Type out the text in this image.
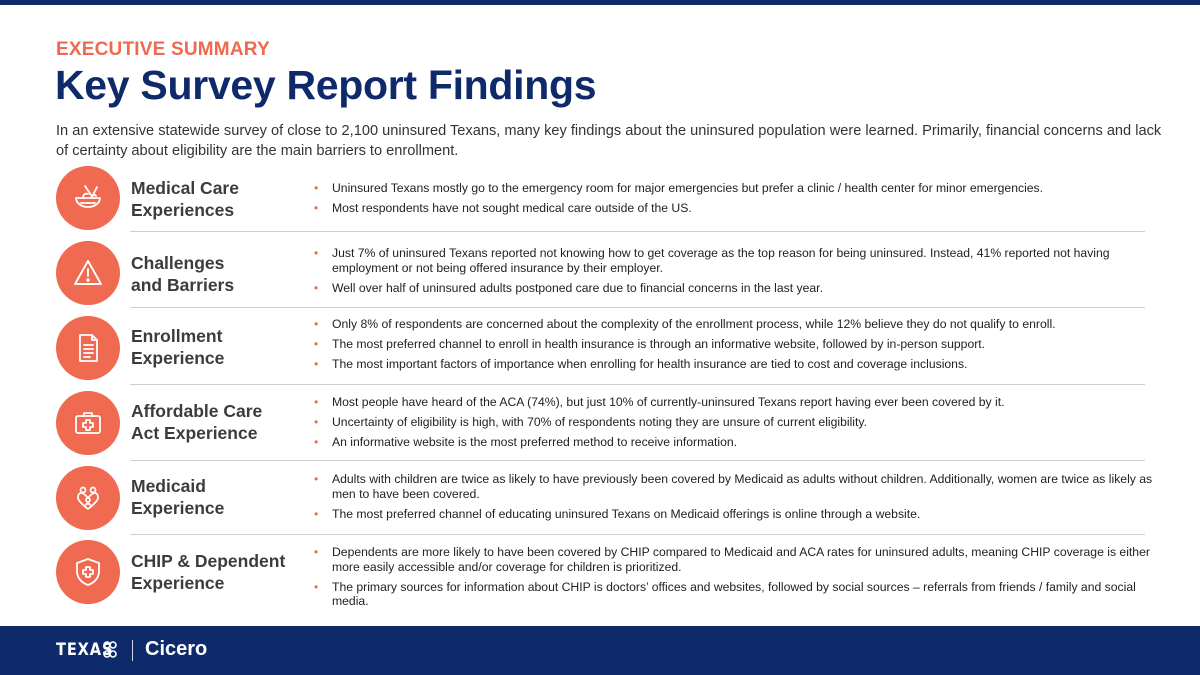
EXECUTIVE SUMMARY
Key Survey Report Findings

In an extensive statewide survey of close to 2,100 uninsured Texans, many key findings about the uninsured population were learned. Primarily, financial concerns and lack of certainty about eligibility are the main barriers to enrollment.

Medical Care
Experiences
• Uninsured Texans mostly go to the emergency room for major emergencies but prefer a clinic / health center for minor emergencies.
• Most respondents have not sought medical care outside of the US.
Challenges
and Barriers
• Just 7% of uninsured Texans reported not knowing how to get coverage as the top reason for being uninsured. Instead, 41% reported not having employment or not being offered insurance by their employer.
• Well over half of uninsured adults postponed care due to financial concerns in the last year.
Enrollment
Experience
• Only 8% of respondents are concerned about the complexity of the enrollment process, while 12% believe they do not qualify to enroll.
• The most preferred channel to enroll in health insurance is through an informative website, followed by in-person support.
• The most important factors of importance when enrolling for health insurance are tied to cost and coverage inclusions.
Affordable Care
Act Experience
• Most people have heard of the ACA (74%), but just 10% of currently-uninsured Texans report having ever been covered by it.
• Uncertainty of eligibility is high, with 70% of respondents noting they are unsure of current eligibility.
• An informative website is the most preferred method to receive information.
Medicaid
Experience
• Adults with children are twice as likely to have previously been covered by Medicaid as adults without children. Additionally, women are twice as likely as men to have been covered.
• The most preferred channel of educating uninsured Texans on Medicaid offerings is online through a website.
CHIP & Dependent
Experience
• Dependents are more likely to have been covered by CHIP compared to Medicaid and ACA rates for uninsured adults, meaning CHIP coverage is either more easily accessible and/or coverage for children is prioritized.
• The primary sources for information about CHIP is doctors’ offices and websites, followed by social sources – referrals from friends / family and social media.
TEXAS Cicero
